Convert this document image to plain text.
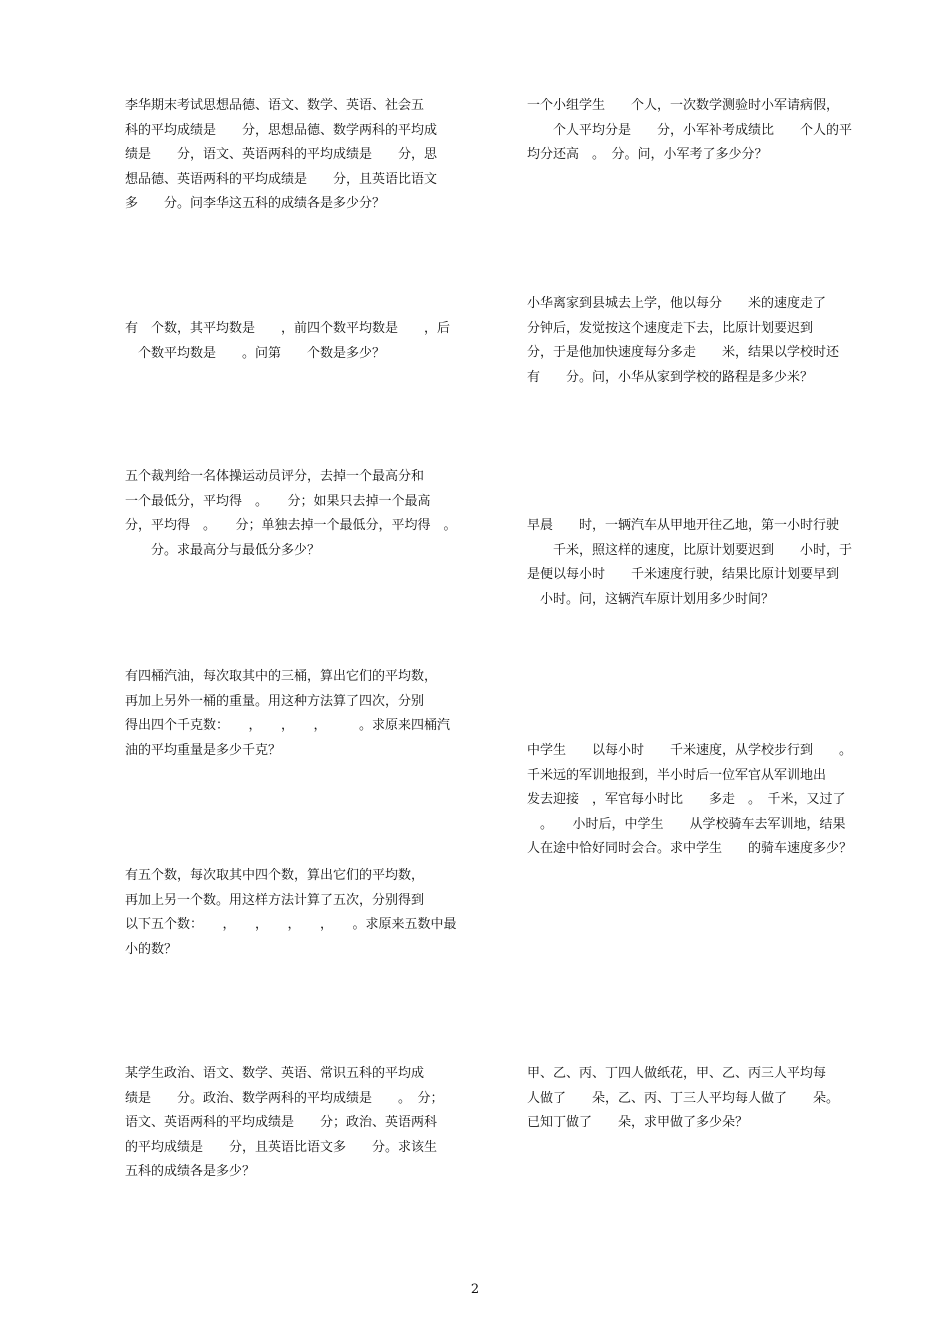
李华期末考试思想品德、语文、数学、英语、社会五
科的平均成绩是　　分，思想品德、数学两科的平均成
绩是　　分，语文、英语两科的平均成绩是　　分，思
想品德、英语两科的平均成绩是　　分，且英语比语文
多　　分。问李华这五科的成绩各是多少分？

一个小组学生　　个人，一次数学测验时小军请病假，
　　个人平均分是　　分，小军补考成绩比　　个人的平
均分还高　。　分。问，小军考了多少分？

小华离家到县城去上学，他以每分　　米的速度走了
分钟后，发觉按这个速度走下去，比原计划要迟到
分，于是他加快速度每分多走　　米，结果以学校时还
有　　分。问，小华从家到学校的路程是多少米？

有　个数，其平均数是　　，前四个数平均数是　　，后
　个数平均数是　　。问第　　个数是多少？

五个裁判给一名体操运动员评分，去掉一个最高分和
一个最低分，平均得　。　　分；如果只去掉一个最高
分，平均得　。　　分；单独去掉一个最低分，平均得　。
　　分。求最高分与最低分多少？

早晨　　时，一辆汽车从甲地开往乙地，第一小时行驶
　　千米，照这样的速度，比原计划要迟到　　小时，于
是便以每小时　　千米速度行驶，结果比原计划要早到
　小时。问，这辆汽车原计划用多少时间？

有四桶汽油，每次取其中的三桶，算出它们的平均数，
再加上另外一桶的重量。用这种方法算了四次，分别
得出四个千克数：　　，　　，　　，　　　。求原来四桶汽
油的平均重量是多少千克？	中学生　　以每小时　　千米速度，从学校步行到　　。
千米远的军训地报到，半小时后一位军官从军训地出
发去迎接　，军官每小时比　　多走　。　千米，又过了
　。　　小时后，中学生　　从学校骑车去军训地，结果
人在途中恰好同时会合。求中学生　　的骑车速度多少？

有五个数，每次取其中四个数，算出它们的平均数，
再加上另一个数。用这样方法计算了五次，分别得到
以下五个数：　　，　　，　　，　　，　　。求原来五数中最
小的数？

某学生政治、语文、数学、英语、常识五科的平均成
绩是　　分。政治、数学两科的平均成绩是　　。　分；
语文、英语两科的平均成绩是　　分；政治、英语两科
的平均成绩是　　分，且英语比语文多　　分。求该生
五科的成绩各是多少？

甲、乙、丙、丁四人做纸花，甲、乙、丙三人平均每
人做了　　朵，乙、丙、丁三人平均每人做了　　朵。
已知丁做了　　朵，求甲做了多少朵？

2
